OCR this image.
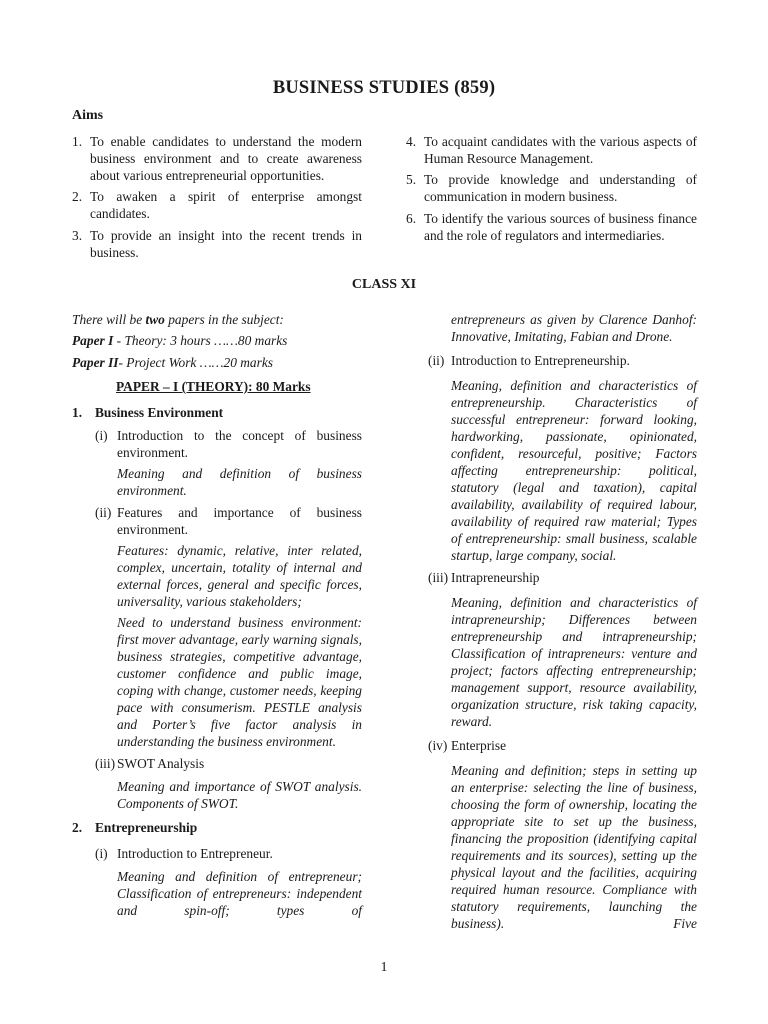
BUSINESS STUDIES (859)
Aims
1. To enable candidates to understand the modern business environment and to create awareness about various entrepreneurial opportunities.
2. To awaken a spirit of enterprise amongst candidates.
3. To provide an insight into the recent trends in business.
4. To acquaint candidates with the various aspects of Human Resource Management.
5. To provide knowledge and understanding of communication in modern business.
6. To identify the various sources of business finance and the role of regulators and intermediaries.
CLASS XI
There will be two papers in the subject:
Paper I - Theory: 3 hours ……80 marks
Paper II- Project Work ……20 marks
PAPER – I (THEORY): 80 Marks
1. Business Environment
(i) Introduction to the concept of business environment.
Meaning and definition of business environment.
(ii) Features and importance of business environment.
Features: dynamic, relative, inter related, complex, uncertain, totality of internal and external forces, general and specific forces, universality, various stakeholders;
Need to understand business environment: first mover advantage, early warning signals, business strategies, competitive advantage, customer confidence and public image, coping with change, customer needs, keeping pace with consumerism. PESTLE analysis and Porter’s five factor analysis in understanding the business environment.
(iii) SWOT Analysis
Meaning and importance of SWOT analysis. Components of SWOT.
2. Entrepreneurship
(i) Introduction to Entrepreneur.
Meaning and definition of entrepreneur; Classification of entrepreneurs: independent and spin-off; types of
entrepreneurs as given by Clarence Danhof: Innovative, Imitating, Fabian and Drone.
(ii) Introduction to Entrepreneurship.
Meaning, definition and characteristics of entrepreneurship. Characteristics of successful entrepreneur: forward looking, hardworking, passionate, opinionated, confident, resourceful, positive; Factors affecting entrepreneurship: political, statutory (legal and taxation), capital availability, availability of required labour, availability of required raw material; Types of entrepreneurship: small business, scalable startup, large company, social.
(iii) Intrapreneurship
Meaning, definition and characteristics of intrapreneurship; Differences between entrepreneurship and intrapreneurship; Classification of intrapreneurs: venture and project; factors affecting entrepreneurship; management support, resource availability, organization structure, risk taking capacity, reward.
(iv) Enterprise
Meaning and definition; steps in setting up an enterprise: selecting the line of business, choosing the form of ownership, locating the appropriate site to set up the business, financing the proposition (identifying capital requirements and its sources), setting up the physical layout and the facilities, acquiring required human resource. Compliance with statutory requirements, launching the business). Five
1
